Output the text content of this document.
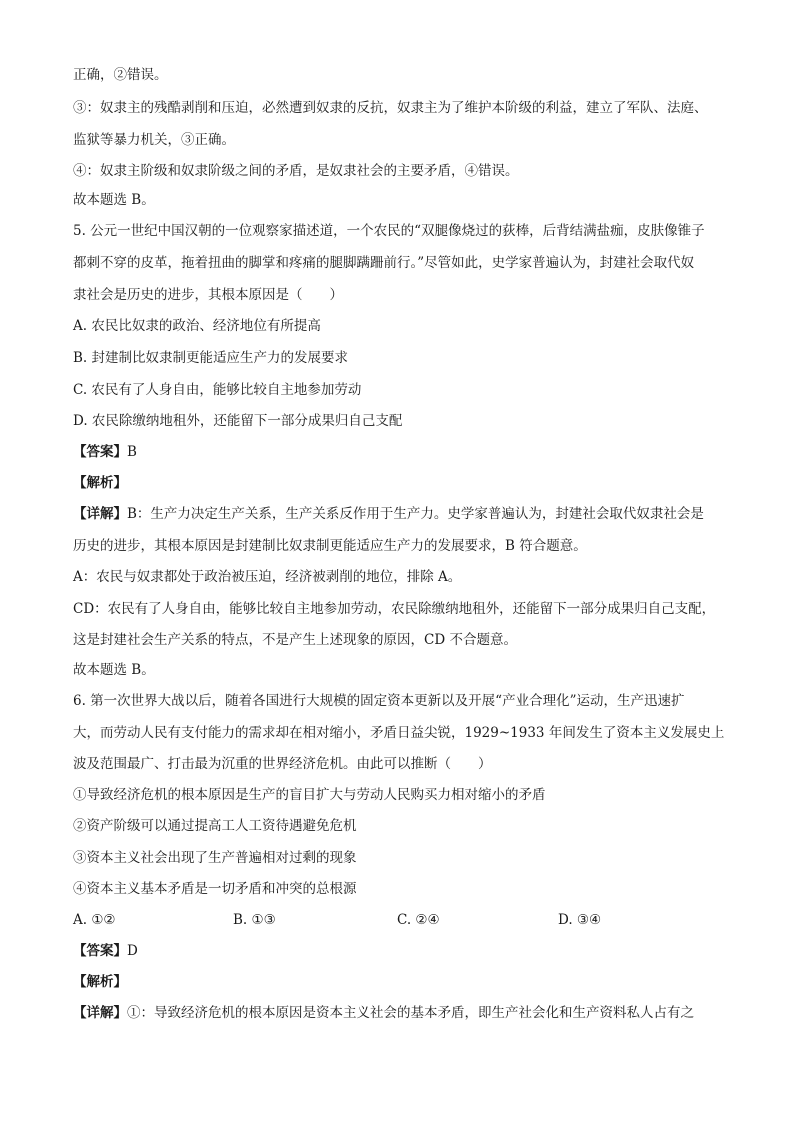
正确，②错误。
③：奴隶主的残酷剥削和压迫，必然遭到奴隶的反抗，奴隶主为了维护本阶级的利益，建立了军队、法庭、
监狱等暴力机关，③正确。
④：奴隶主阶级和奴隶阶级之间的矛盾，是奴隶社会的主要矛盾，④错误。
故本题选 B。
5. 公元一世纪中国汉朝的一位观察家描述道，一个农民的“双腿像烧过的荻棒，后背结满盐痂，皮肤像锥子
都刺不穿的皮革，拖着扭曲的脚掌和疼痛的腿脚蹒跚前行。”尽管如此，史学家普遍认为，封建社会取代奴
隶社会是历史的进步，其根本原因是（　　）
A. 农民比奴隶的政治、经济地位有所提高
B. 封建制比奴隶制更能适应生产力的发展要求
C. 农民有了人身自由，能够比较自主地参加劳动
D. 农民除缴纳地租外，还能留下一部分成果归自己支配
【答案】B
【解析】
【详解】B：生产力决定生产关系，生产关系反作用于生产力。史学家普遍认为，封建社会取代奴隶社会是
历史的进步，其根本原因是封建制比奴隶制更能适应生产力的发展要求，B 符合题意。
A：农民与奴隶都处于政治被压迫，经济被剥削的地位，排除 A。
CD：农民有了人身自由，能够比较自主地参加劳动，农民除缴纳地租外，还能留下一部分成果归自己支配，
这是封建社会生产关系的特点，不是产生上述现象的原因，CD 不合题意。
故本题选 B。
6. 第一次世界大战以后，随着各国进行大规模的固定资本更新以及开展“产业合理化”运动，生产迅速扩
大，而劳动人民有支付能力的需求却在相对缩小，矛盾日益尖锐，1929~1933 年间发生了资本主义发展史上
波及范围最广、打击最为沉重的世界经济危机。由此可以推断（　　）
①导致经济危机的根本原因是生产的盲目扩大与劳动人民购买力相对缩小的矛盾
②资产阶级可以通过提高工人工资待遇避免危机
③资本主义社会出现了生产普遍相对过剩的现象
④资本主义基本矛盾是一切矛盾和冲突的总根源
A. ①②	B. ①③	C. ②④	D. ③④
【答案】D
【解析】
【详解】①：导致经济危机的根本原因是资本主义社会的基本矛盾，即生产社会化和生产资料私人占有之
